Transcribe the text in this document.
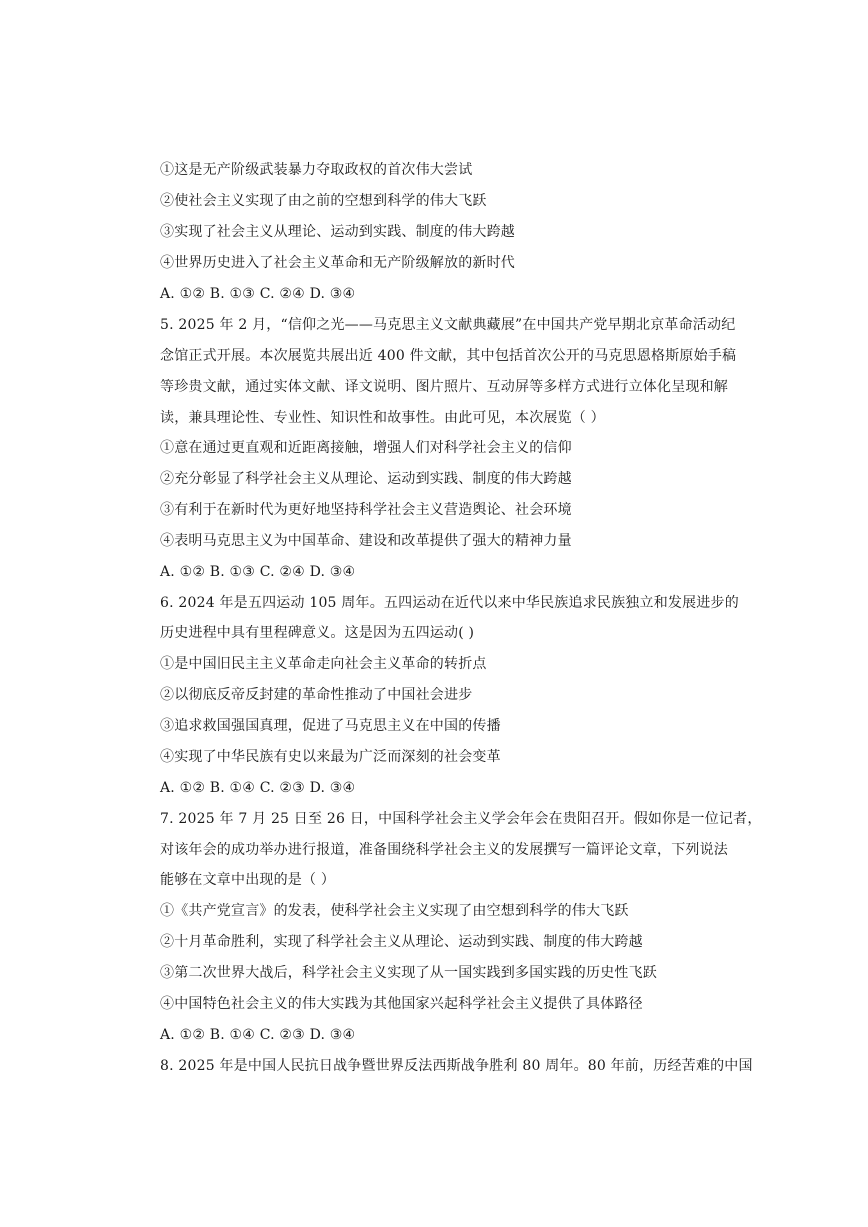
①这是无产阶级武装暴力夺取政权的首次伟大尝试
②使社会主义实现了由之前的空想到科学的伟大飞跃
③实现了社会主义从理论、运动到实践、制度的伟大跨越
④世界历史进入了社会主义革命和无产阶级解放的新时代
A. ①② B. ①③ C. ②④ D. ③④
5. 2025 年 2 月，“信仰之光——马克思主义文献典藏展”在中国共产党早期北京革命活动纪
念馆正式开展。本次展览共展出近 400 件文献，其中包括首次公开的马克思恩格斯原始手稿
等珍贵文献，通过实体文献、译文说明、图片照片、互动屏等多样方式进行立体化呈现和解
读，兼具理论性、专业性、知识性和故事性。由此可见，本次展览（ ）
①意在通过更直观和近距离接触，增强人们对科学社会主义的信仰
②充分彰显了科学社会主义从理论、运动到实践、制度的伟大跨越
③有利于在新时代为更好地坚持科学社会主义营造舆论、社会环境
④表明马克思主义为中国革命、建设和改革提供了强大的精神力量
A. ①② B. ①③ C. ②④ D. ③④
6. 2024 年是五四运动 105 周年。五四运动在近代以来中华民族追求民族独立和发展进步的
历史进程中具有里程碑意义。这是因为五四运动( )
①是中国旧民主主义革命走向社会主义革命的转折点
②以彻底反帝反封建的革命性推动了中国社会进步
③追求救国强国真理，促进了马克思主义在中国的传播
④实现了中华民族有史以来最为广泛而深刻的社会变革
A. ①② B. ①④ C. ②③ D. ③④
7. 2025 年 7 月 25 日至 26 日，中国科学社会主义学会年会在贵阳召开。假如你是一位记者，
对该年会的成功举办进行报道，准备围绕科学社会主义的发展撰写一篇评论文章，下列说法
能够在文章中出现的是（ ）
①《共产党宣言》的发表，使科学社会主义实现了由空想到科学的伟大飞跃
②十月革命胜利，实现了科学社会主义从理论、运动到实践、制度的伟大跨越
③第二次世界大战后，科学社会主义实现了从一国实践到多国实践的历史性飞跃
④中国特色社会主义的伟大实践为其他国家兴起科学社会主义提供了具体路径
A. ①② B. ①④ C. ②③ D. ③④
8. 2025 年是中国人民抗日战争暨世界反法西斯战争胜利 80 周年。80 年前，历经苦难的中国
